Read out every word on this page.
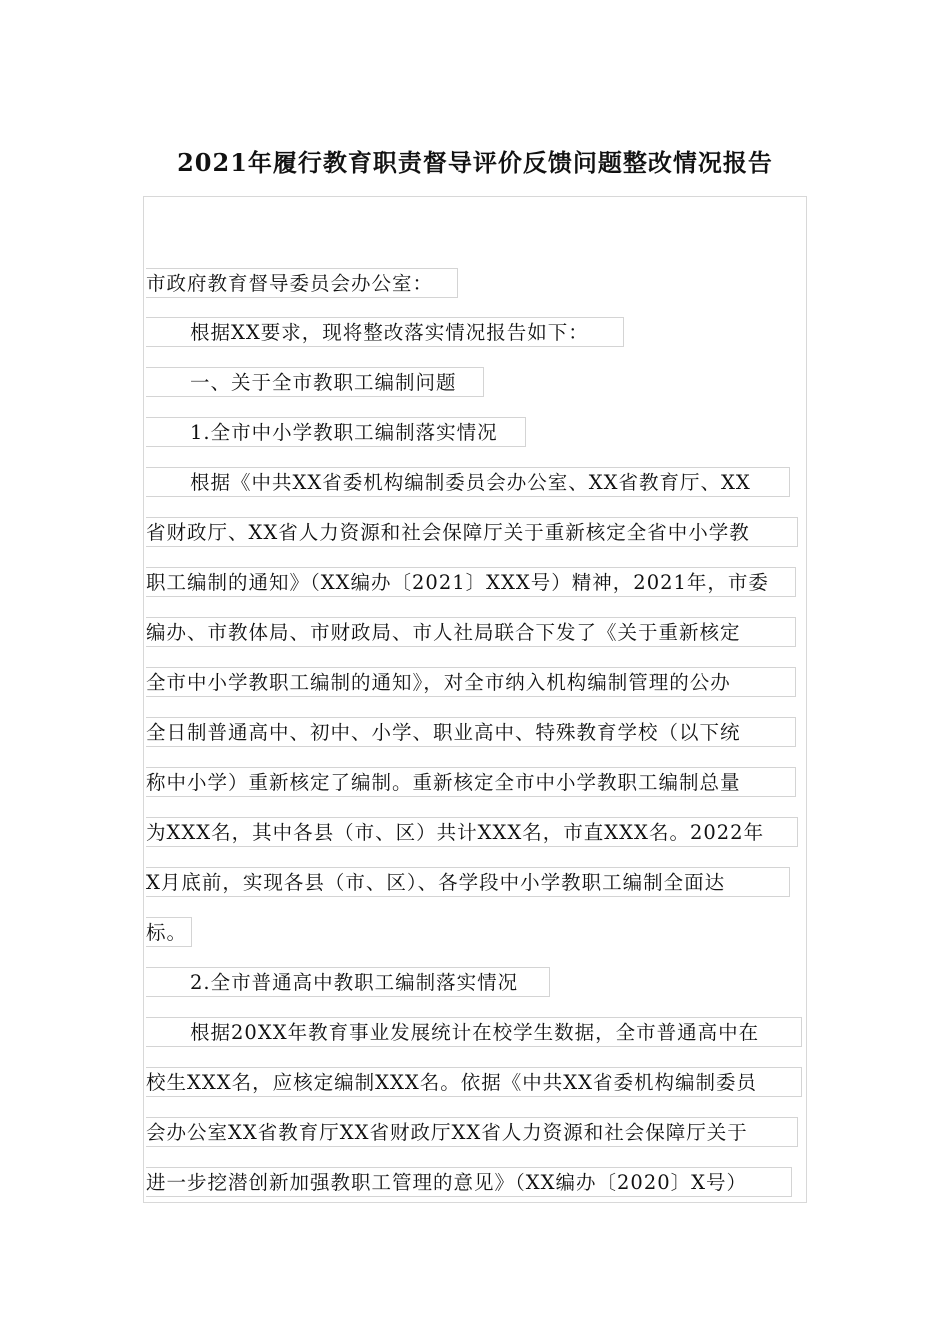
2021年履行教育职责督导评价反馈问题整改情况报告
市政府教育督导委员会办公室：
根据XX要求，现将整改落实情况报告如下：
一、关于全市教职工编制问题
1.全市中小学教职工编制落实情况
根据《中共XX省委机构编制委员会办公室、XX省教育厅、XX
省财政厅、XX省人力资源和社会保障厅关于重新核定全省中小学教
职工编制的通知》（XX编办〔2021〕XXX号）精神，2021年，市委
编办、市教体局、市财政局、市人社局联合下发了《关于重新核定
全市中小学教职工编制的通知》，对全市纳入机构编制管理的公办
全日制普通高中、初中、小学、职业高中、特殊教育学校（以下统
称中小学）重新核定了编制。重新核定全市中小学教职工编制总量
为XXX名，其中各县（市、区）共计XXX名，市直XXX名。2022年
X月底前，实现各县（市、区）、各学段中小学教职工编制全面达
标。
2.全市普通高中教职工编制落实情况
根据20XX年教育事业发展统计在校学生数据，全市普通高中在
校生XXX名，应核定编制XXX名。依据《中共XX省委机构编制委员
会办公室XX省教育厅XX省财政厅XX省人力资源和社会保障厅关于
进一步挖潜创新加强教职工管理的意见》（XX编办〔2020〕X号）
